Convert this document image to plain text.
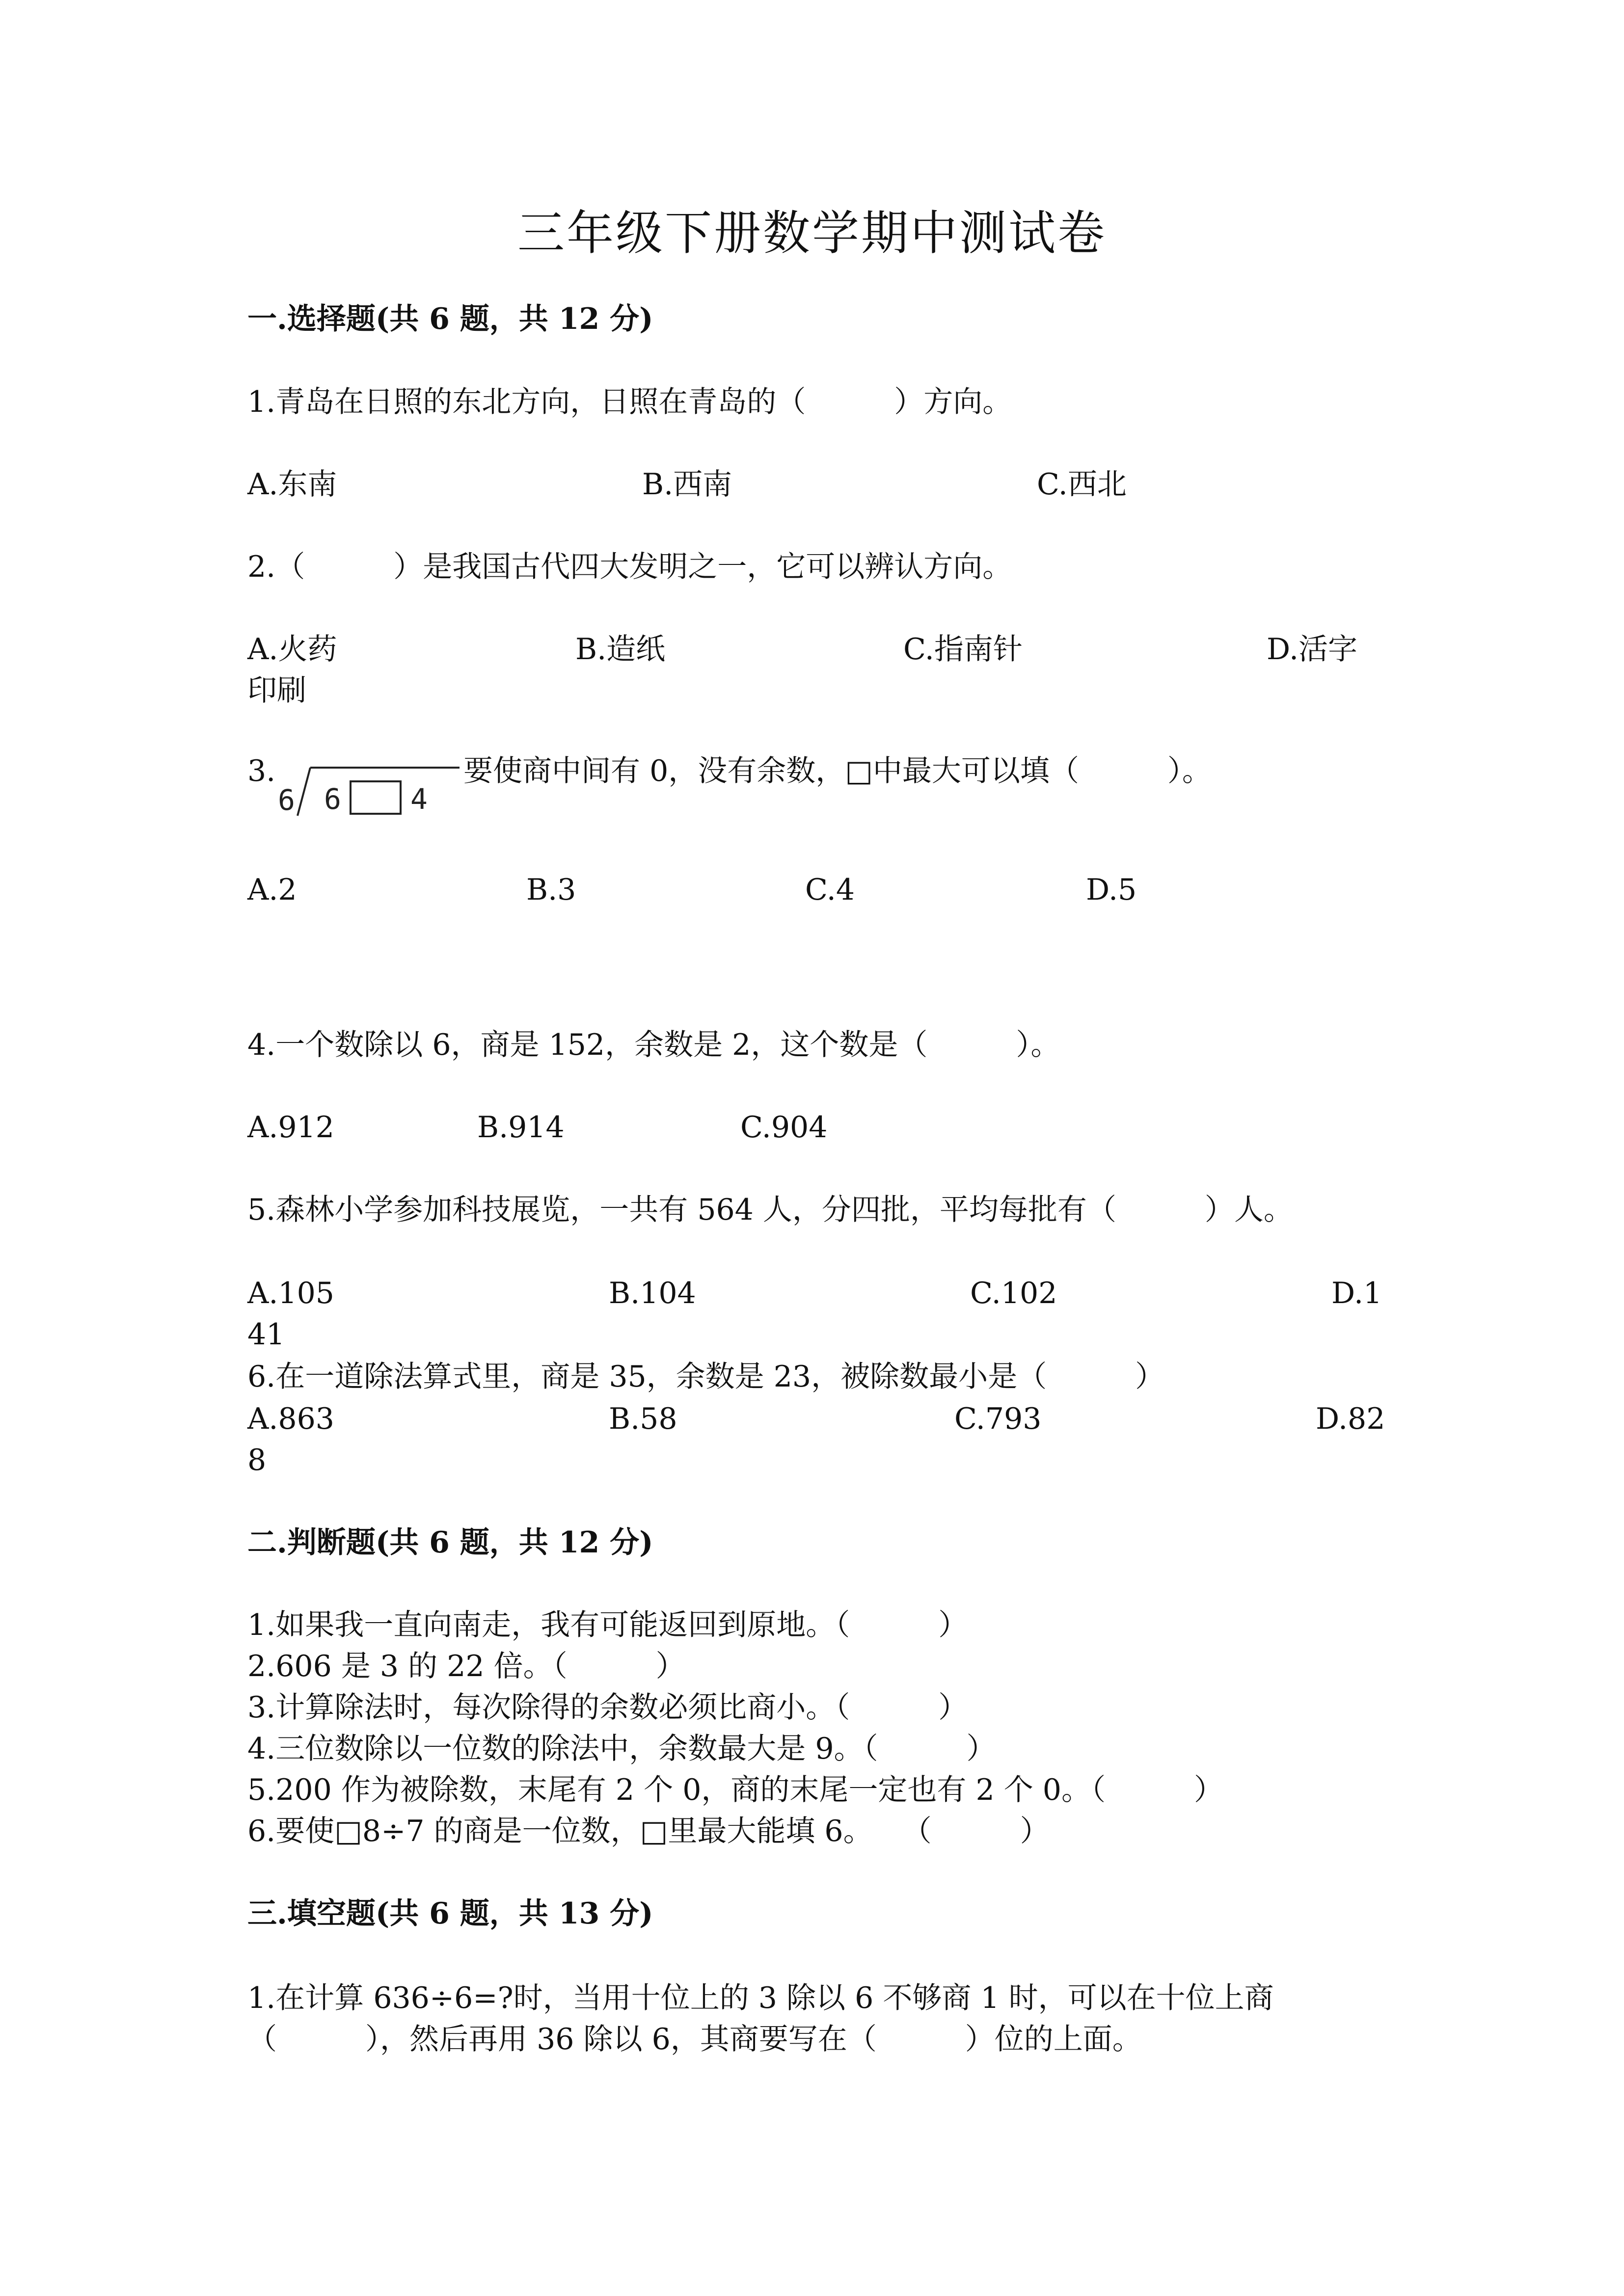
三年级下册数学期中测试卷
一.选择题(共 6 题，共 12 分)
1.青岛在日照的东北方向，日照在青岛的（　　　）方向。
A.东南	B.西南	C.西北
2.（　　　）是我国古代四大发明之一，它可以辨认方向。
A.火药	B.造纸	C.指南针	D.活字
印刷
3.
6 6 4
要使商中间有 0，没有余数，□中最大可以填（　　　）。
A.2	B.3	C.4	D.5
4.一个数除以 6，商是 152，余数是 2，这个数是（　　　）。
A.912	B.914	C.904
5.森林小学参加科技展览，一共有 564 人，分四批，平均每批有（　　　）人。
A.105	B.104	C.102	D.1
41
6.在一道除法算式里，商是 35，余数是 23，被除数最小是（　　　）
A.863	B.58	C.793	D.82
8
二.判断题(共 6 题，共 12 分)
1.如果我一直向南走，我有可能返回到原地。（　　　）
2.606 是 3 的 22 倍。（　　　）
3.计算除法时，每次除得的余数必须比商小。（　　　）
4.三位数除以一位数的除法中，余数最大是 9。（　　　）
5.200 作为被除数，末尾有 2 个 0，商的末尾一定也有 2 个 0。（　　　）
6.要使□8÷7 的商是一位数，□里最大能填 6。　　（　　　）
三.填空题(共 6 题，共 13 分)
1.在计算 636÷6=?时，当用十位上的 3 除以 6 不够商 1 时，可以在十位上商
（　　　），然后再用 36 除以 6，其商要写在（　　　）位的上面。
